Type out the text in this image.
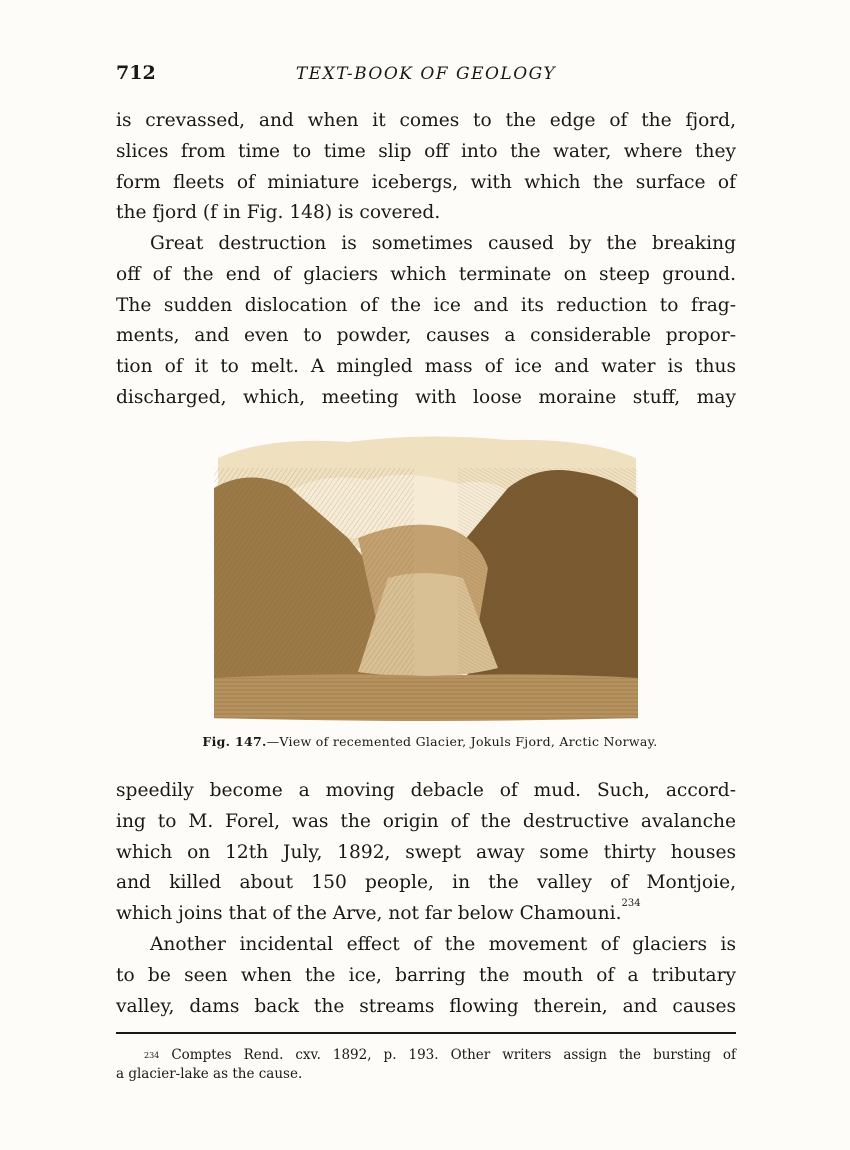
712	TEXT-BOOK OF GEOLOGY
is crevassed, and when it comes to the edge of the fjord,
slices from time to time slip off into the water, where they
form fleets of miniature icebergs, with which the surface of
the fjord (f in Fig. 148) is covered.
Great destruction is sometimes caused by the breaking
off of the end of glaciers which terminate on steep ground.
The sudden dislocation of the ice and its reduction to frag-
ments, and even to powder, causes a considerable propor-
tion of it to melt. A mingled mass of ice and water is thus
discharged, which, meeting with loose moraine stuff, may
Fig. 147.—View of recemented Glacier, Jokuls Fjord, Arctic Norway.
speedily become a moving debacle of mud. Such, accord-
ing to M. Forel, was the origin of the destructive avalanche
which on 12th July, 1892, swept away some thirty houses
and killed about 150 people, in the valley of Montjoie,
which joins that of the Arve, not far below Chamouni.$^{234}$
Another incidental effect of the movement of glaciers is
to be seen when the ice, barring the mouth of a tributary
valley, dams back the streams flowing therein, and causes
$^{234}$ Comptes Rend. cxv. 1892, p. 193. Other writers assign the bursting of
a glacier-lake as the cause.
